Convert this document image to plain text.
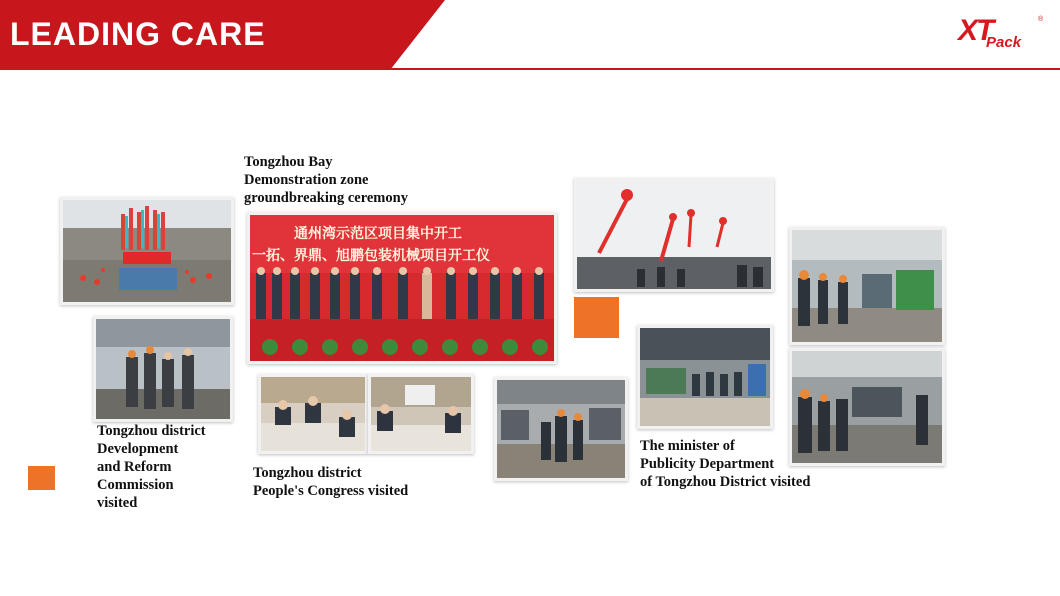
LEADING CARE	XT
Pack
®
Tongzhou Bay
Demonstration zone
groundbreaking ceremony
通州湾示范区项目集中开工
一拓、界鼎、旭鹏包装机械项目开工仪
Tongzhou district
Development
and Reform
Commission
visited
Tongzhou district
People's Congress visited
The minister of
Publicity Department
of Tongzhou District visited
